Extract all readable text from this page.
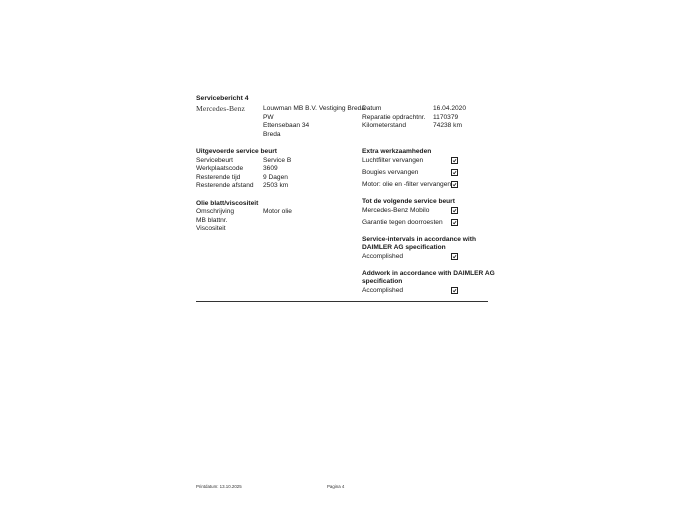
Servicebericht 4
Mercedes-Benz	Louwman MB B.V. Vestiging Breda
PW
Ettensebaan 34
Breda
Datum	16.04.2020
Reparatie opdrachtnr. 1170379
Kilometerstand	74238 km
Uitgevoerde service beurt
Servicebeurt	Service B
Werkplaatscode	3609
Resterende tijd	9 Dagen
Resterende afstand 2503 km
Olie blatt/viscositeit
Omschrijving	Motor olie
MB blattnr.
Viscositeit
Extra werkzaamheden
Luchtfilter vervangen
Bougies vervangen
Motor: olie en -filter vervangen
Tot de volgende service beurt
Mercedes-Benz Mobilo
Garantie tegen doorroesten
Service-intervals in accordance with
DAIMLER AG specification
Accomplished
Addwork in accordance with DAIMLER AG
specification
Accomplished
Printdatum: 13.10.2025	Pagina 4
